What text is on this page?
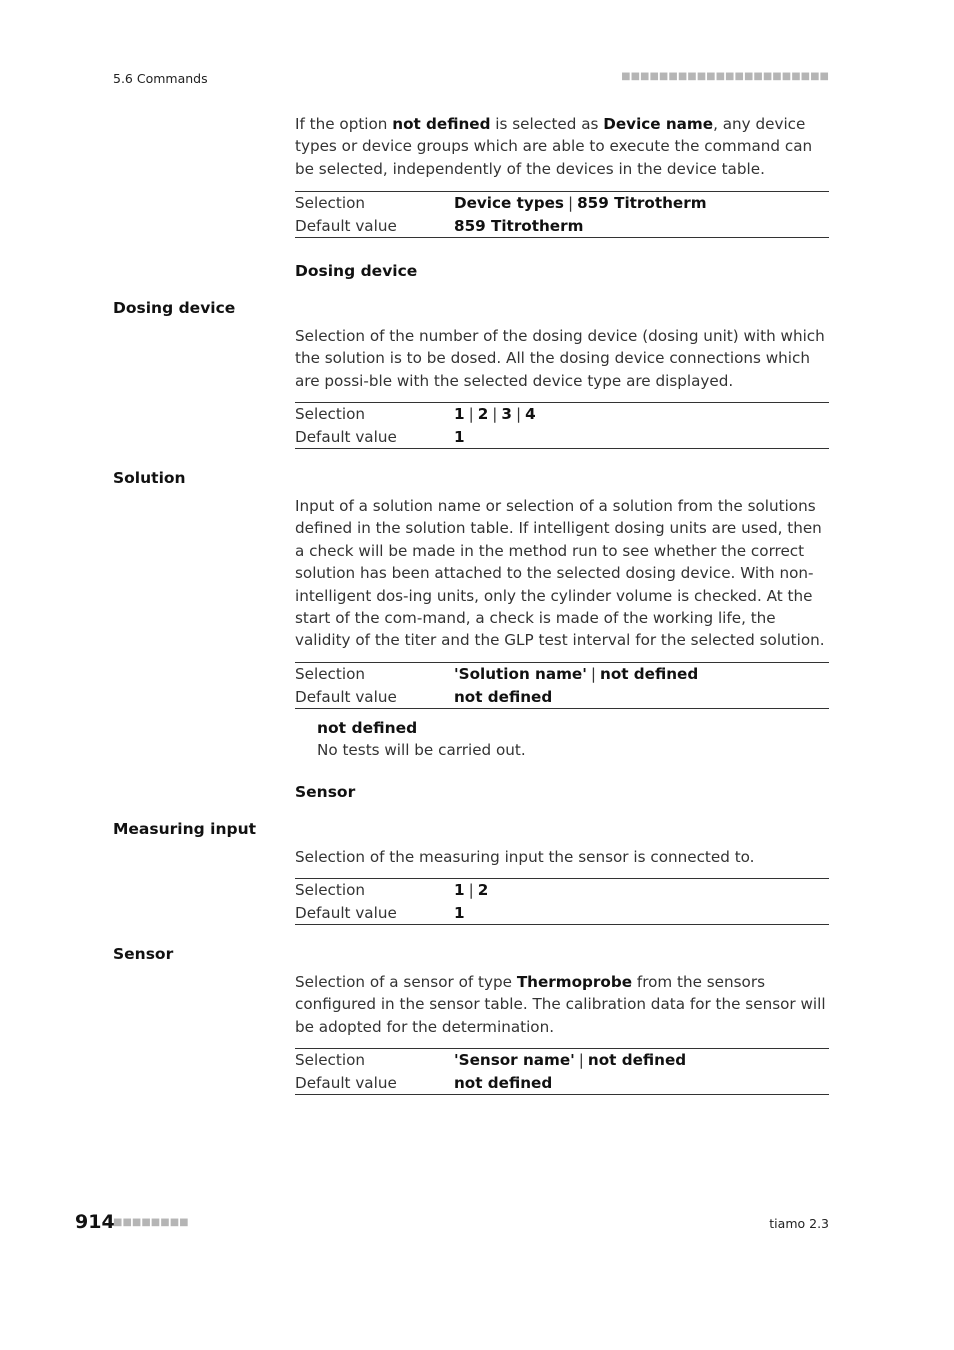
5.6 Commands	■■■■■■■■■■■■■■■■■■■■■■
If the option not defined is selected as Device name, any device types or device groups which are able to execute the command can be selected, independently of the devices in the device table.
Selection	Device types | 859 Titrotherm
Default value	859 Titrotherm
Dosing device
Dosing device
Selection of the number of the dosing device (dosing unit) with which the solution is to be dosed. All the dosing device connections which are possi-ble with the selected device type are displayed.
Selection	1 | 2 | 3 | 4
Default value	1
Solution
Input of a solution name or selection of a solution from the solutions defined in the solution table. If intelligent dosing units are used, then a check will be made in the method run to see whether the correct solution has been attached to the selected dosing device. With non-intelligent dos-ing units, only the cylinder volume is checked. At the start of the com-mand, a check is made of the working life, the validity of the titer and the GLP test interval for the selected solution.
Selection	'Solution name' | not defined
Default value	not defined
not defined
No tests will be carried out.
Sensor
Measuring input
Selection of the measuring input the sensor is connected to.
Selection	1 | 2
Default value	1
Sensor
Selection of a sensor of type Thermoprobe from the sensors configured in the sensor table. The calibration data for the sensor will be adopted for the determination.
Selection	'Sensor name' | not defined
Default value	not defined
914
■■■■■■■■	tiamo 2.3
